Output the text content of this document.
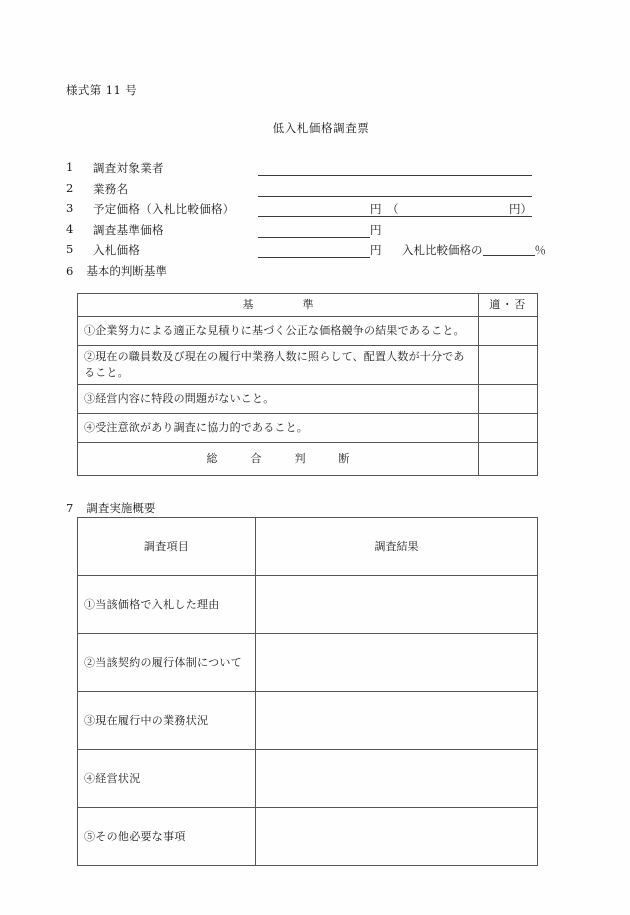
様式第 11 号
低入札価格調査票
1	調査対象業者
2	業務名
3	予定価格（入札比較価格）	円 （	円）
4	調査基準価格	円
5	入札価格	円 入札比較価格の	％
6 基本的判断基準
基　　準	適・否
①企業努力による適正な見積りに基づく公正な価格競争の結果であること。	
②現在の職員数及び現在の履行中業務人数に照らして、配置人数が十分であること。	
③経営内容に特段の問題がないこと。	
④受注意欲があり調査に協力的であること。	
総　合　判　断	
7 調査実施概要
調査項目	調査結果
①当該価格で入札した理由	
②当該契約の履行体制について	
③現在履行中の業務状況	
④経営状況	
⑤その他必要な事項	
